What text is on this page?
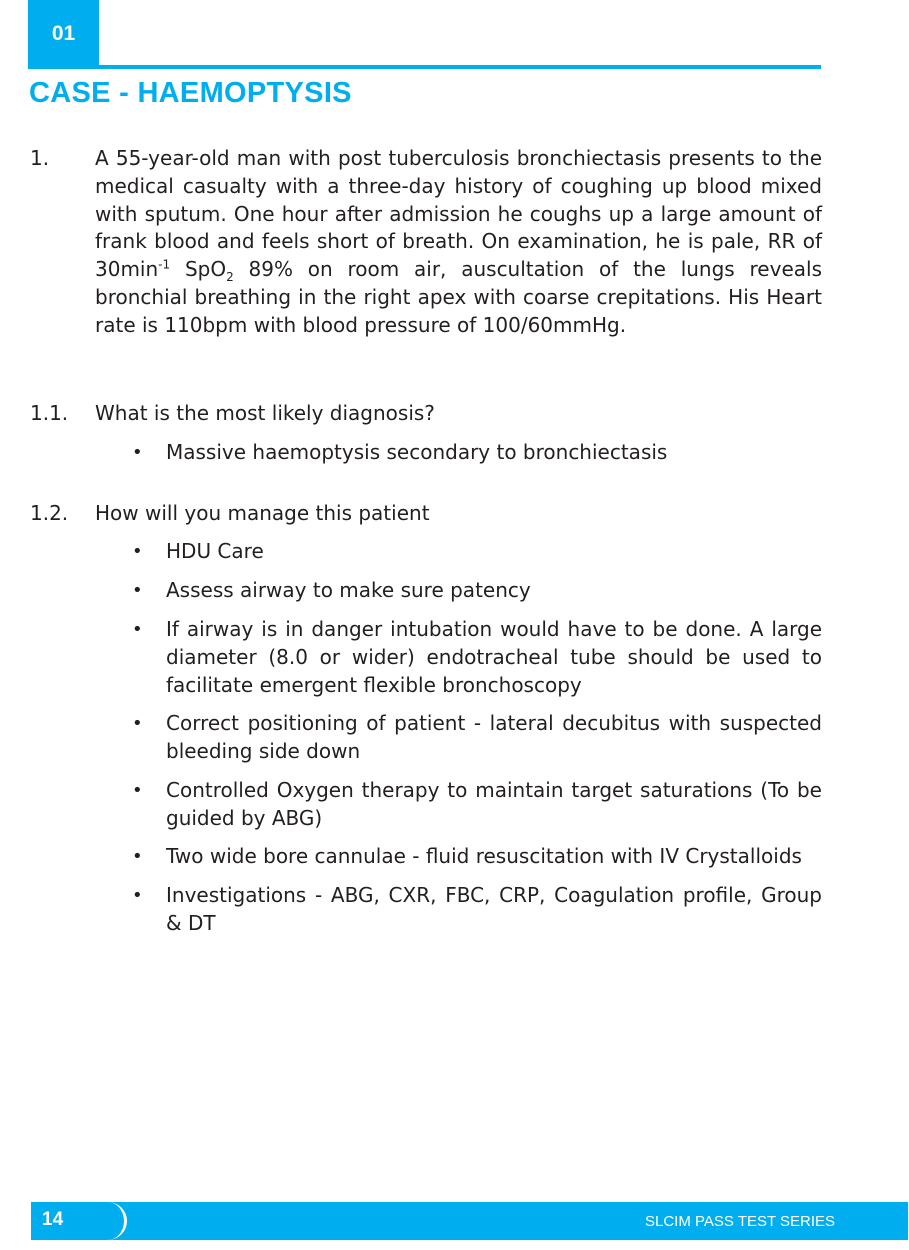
01
CASE - HAEMOPTYSIS
1. A 55-year-old man with post tuberculosis bronchiectasis presents to the medical casualty with a three-day history of coughing up blood mixed with sputum. One hour after admission he coughs up a large amount of frank blood and feels short of breath. On examination, he is pale, RR of $30\min^{-1}$ SpO$_2$ 89% on room air, auscultation of the lungs reveals bronchial breathing in the right apex with coarse crepitations. His Heart rate is 110bpm with blood pressure of 100/60mmHg.
1.1. What is the most likely diagnosis?
• Massive haemoptysis secondary to bronchiectasis
1.2. How will you manage this patient
• HDU Care
• Assess airway to make sure patency
• If airway is in danger intubation would have to be done. A large diameter (8.0 or wider) endotracheal tube should be used to facilitate emergent flexible bronchoscopy
• Correct positioning of patient - lateral decubitus with suspected bleeding side down
• Controlled Oxygen therapy to maintain target saturations (To be guided by ABG)
• Two wide bore cannulae - fluid resuscitation with IV Crystalloids
• Investigations - ABG, CXR, FBC, CRP, Coagulation profile, Group & DT
14	SLCIM PASS TEST SERIES
